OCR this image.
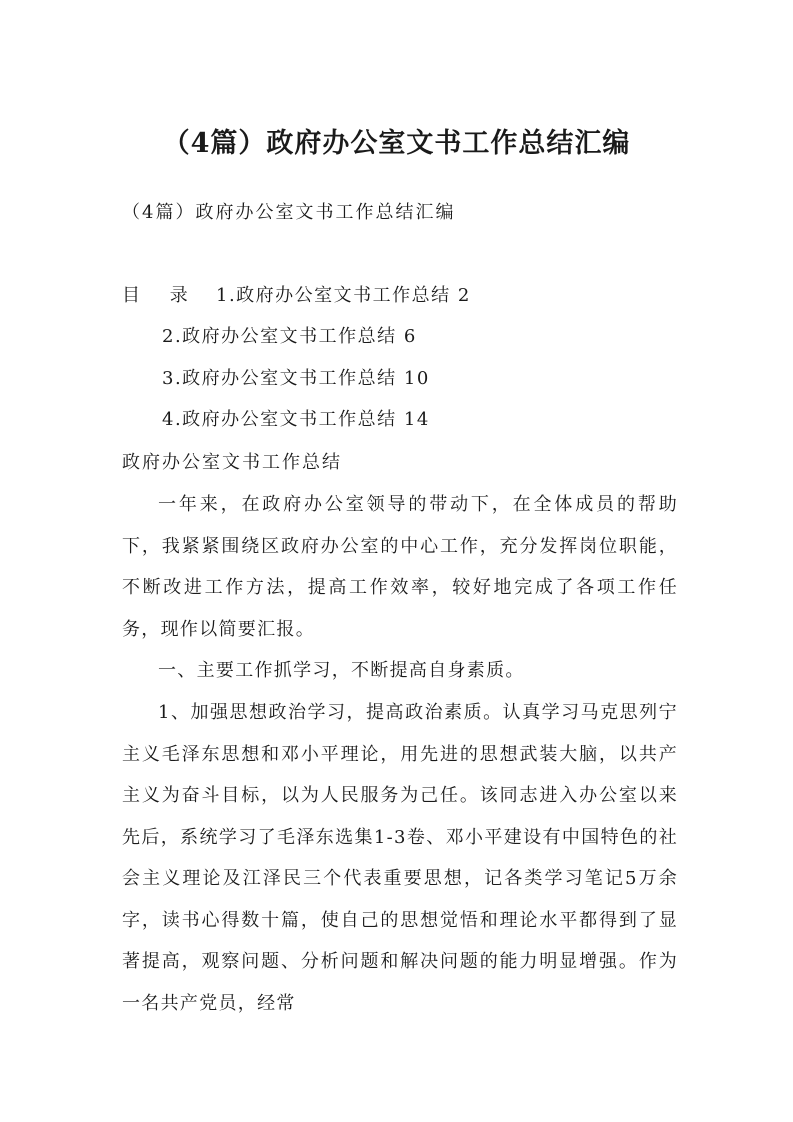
（4篇）政府办公室文书工作总结汇编
（4篇）政府办公室文书工作总结汇编
目 录 1.政府办公室文书工作总结 2
2.政府办公室文书工作总结 6
3.政府办公室文书工作总结 10
4.政府办公室文书工作总结 14
政府办公室文书工作总结

一年来，在政府办公室领导的带动下，在全体成员的帮助下，我紧紧围绕区政府办公室的中心工作，充分发挥岗位职能，不断改进工作方法，提高工作效率，较好地完成了各项工作任务，现作以简要汇报。

一、主要工作抓学习，不断提高自身素质。

1、加强思想政治学习，提高政治素质。认真学习马克思列宁主义毛泽东思想和邓小平理论，用先进的思想武装大脑，以共产主义为奋斗目标，以为人民服务为己任。该同志进入办公室以来先后，系统学习了毛泽东选集1-3卷、邓小平建设有中国特色的社会主义理论及江泽民三个代表重要思想，记各类学习笔记5万余字，读书心得数十篇，使自己的思想觉悟和理论水平都得到了显著提高，观察问题、分析问题和解决问题的能力明显增强。作为一名共产党员，经常
